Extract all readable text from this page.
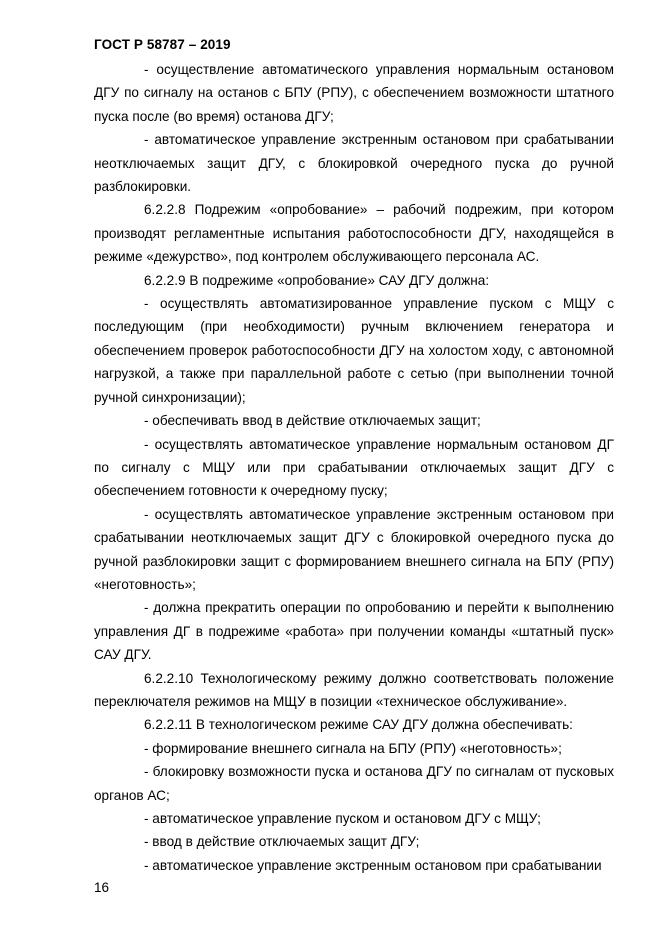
ГОСТ Р 58787 – 2019

- осуществление автоматического управления нормальным остановом ДГУ по сигналу на останов с БПУ (РПУ), с обеспечением возможности штатного пуска после (во время) останова ДГУ;

- автоматическое управление экстренным остановом при срабатывании неотключаемых защит ДГУ, с блокировкой очередного пуска до ручной разблокировки.

6.2.2.8 Подрежим «опробование» – рабочий подрежим, при котором производят регламентные испытания работоспособности ДГУ, находящейся в режиме «дежурство», под контролем обслуживающего персонала АС.

6.2.2.9 В подрежиме «опробование» САУ ДГУ должна:

- осуществлять автоматизированное управление пуском с МЩУ с последующим (при необходимости) ручным включением генератора и обеспечением проверок работоспособности ДГУ на холостом ходу, с автономной нагрузкой, а также при параллельной работе с сетью (при выполнении точной ручной синхронизации);

- обеспечивать ввод в действие отключаемых защит;

- осуществлять автоматическое управление нормальным остановом ДГ по сигналу с МЩУ или при срабатывании отключаемых защит ДГУ с обеспечением готовности к очередному пуску;

- осуществлять автоматическое управление экстренным остановом при срабатывании неотключаемых защит ДГУ с блокировкой очередного пуска до ручной разблокировки защит с формированием внешнего сигнала на БПУ (РПУ) «неготовность»;

- должна прекратить операции по опробованию и перейти к выполнению управления ДГ в подрежиме «работа» при получении команды «штатный пуск» САУ ДГУ.

6.2.2.10 Технологическому режиму должно соответствовать положение переключателя режимов на МЩУ в позиции «техническое обслуживание».

6.2.2.11 В технологическом режиме САУ ДГУ должна обеспечивать:

- формирование внешнего сигнала на БПУ (РПУ) «неготовность»;

- блокировку возможности пуска и останова ДГУ по сигналам от пусковых органов АС;

- автоматическое управление пуском и остановом ДГУ с МЩУ;

- ввод в действие отключаемых защит ДГУ;

- автоматическое управление экстренным остановом при срабатывании

16
